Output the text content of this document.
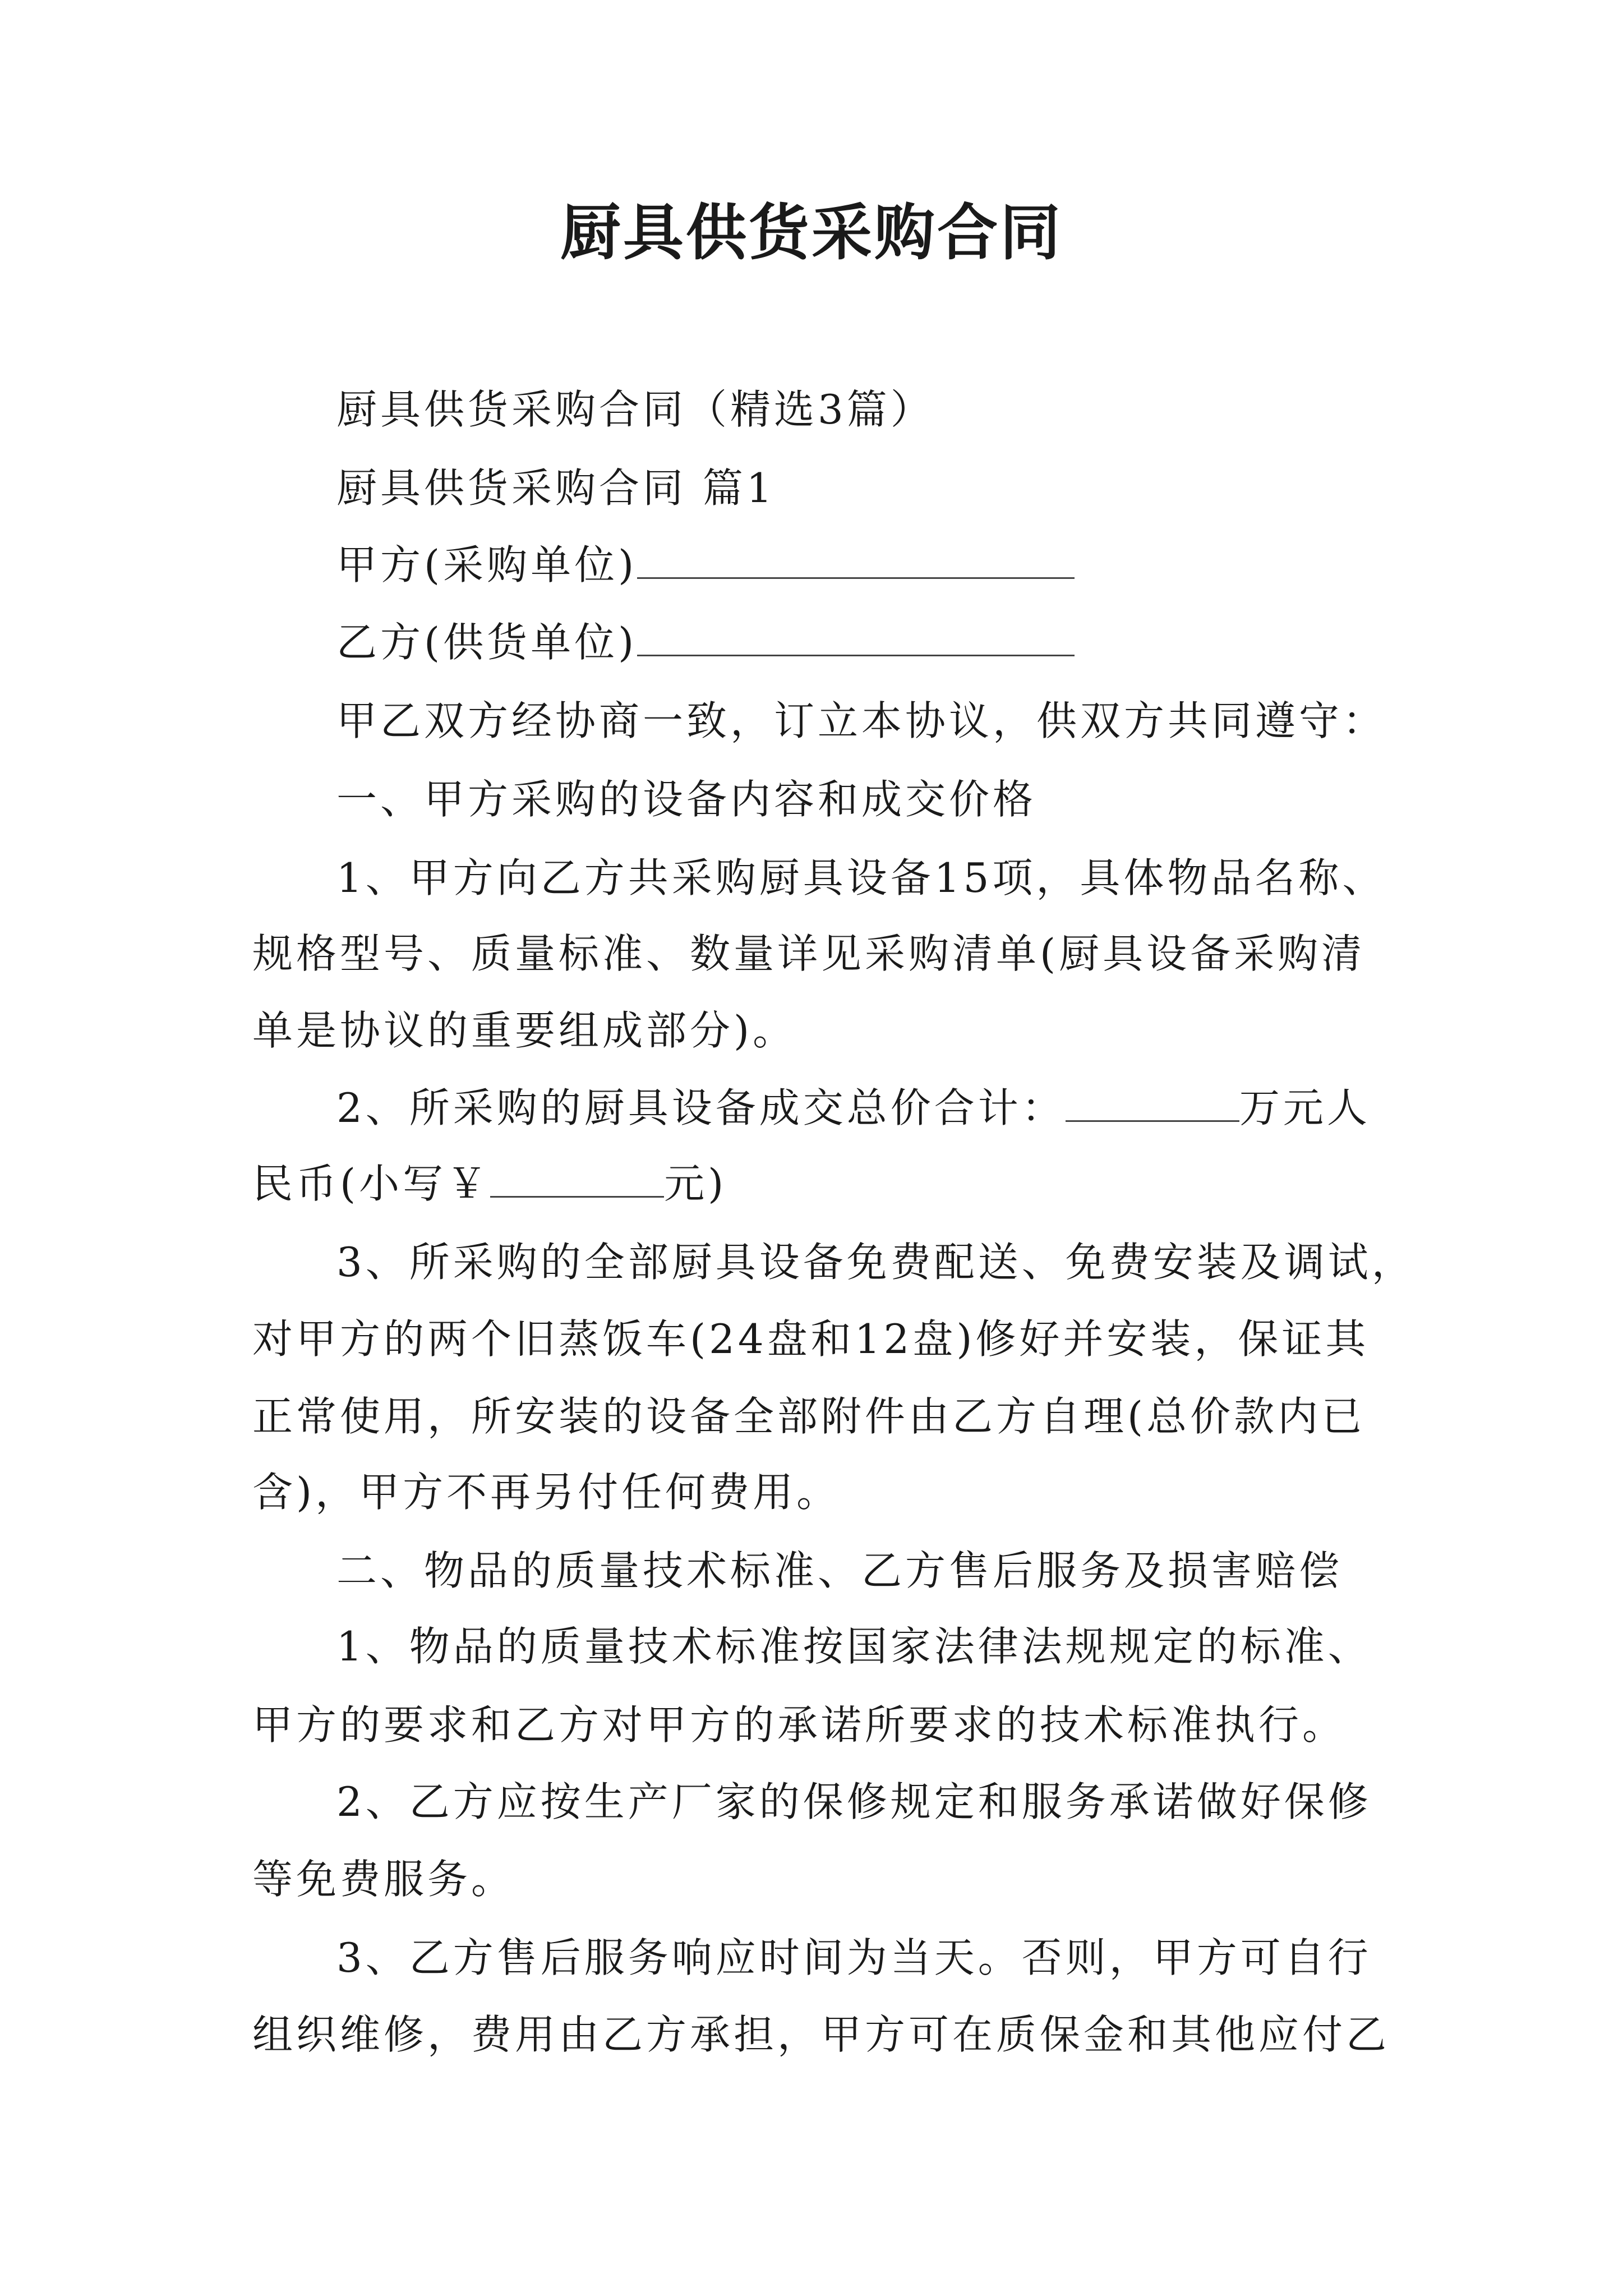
厨具供货采购合同
厨具供货采购合同（精选3篇）
厨具供货采购合同 篇1
甲方(采购单位)
乙方(供货单位)
甲乙双方经协商一致，订立本协议，供双方共同遵守：
一、甲方采购的设备内容和成交价格
1、甲方向乙方共采购厨具设备15项，具体物品名称、
规格型号、质量标准、数量详见采购清单(厨具设备采购清
单是协议的重要组成部分)。
2、所采购的厨具设备成交总价合计：	万元人
民币(小写￥	元)
3、所采购的全部厨具设备免费配送、免费安装及调试，
对甲方的两个旧蒸饭车(24盘和12盘)修好并安装，保证其
正常使用，所安装的设备全部附件由乙方自理(总价款内已
含)，甲方不再另付任何费用。
二、物品的质量技术标准、乙方售后服务及损害赔偿
1、物品的质量技术标准按国家法律法规规定的标准、
甲方的要求和乙方对甲方的承诺所要求的技术标准执行。
2、乙方应按生产厂家的保修规定和服务承诺做好保修
等免费服务。
3、乙方售后服务响应时间为当天。否则，甲方可自行
组织维修，费用由乙方承担，甲方可在质保金和其他应付乙
